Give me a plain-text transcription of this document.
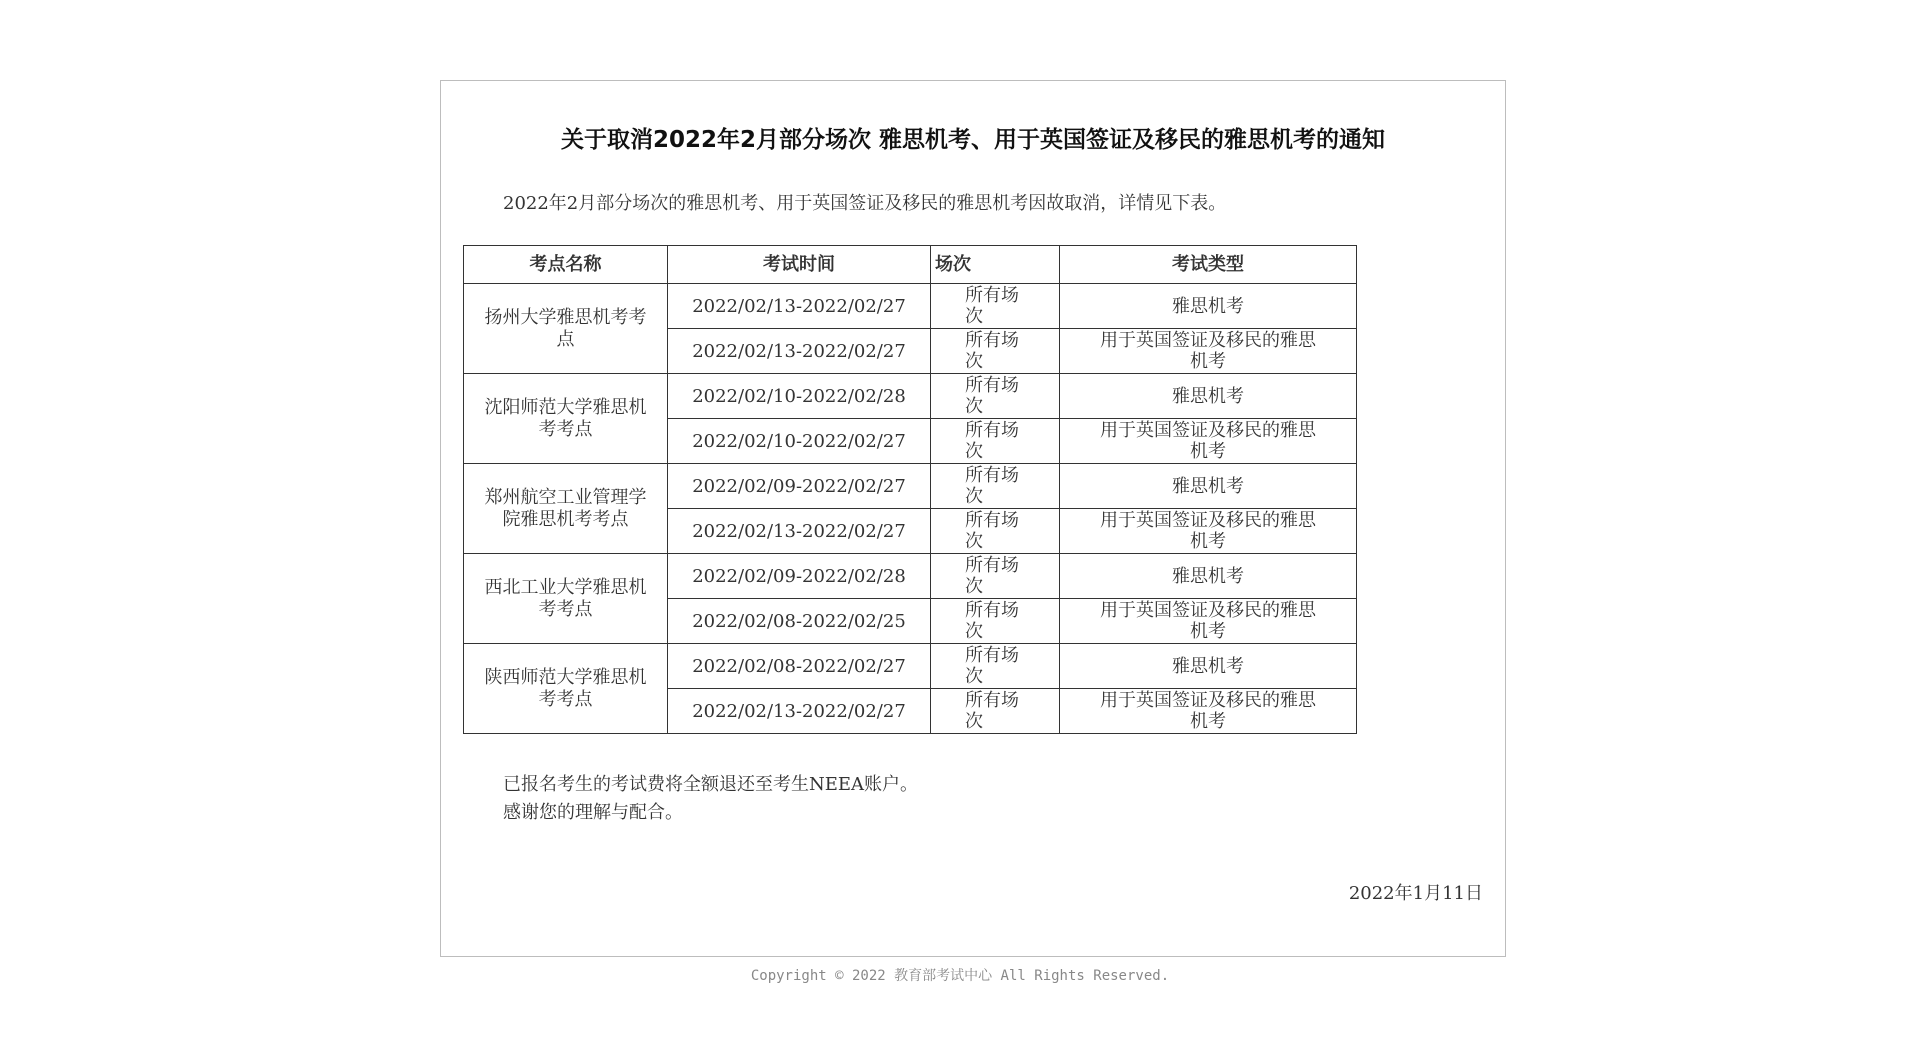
关于取消2022年2月部分场次 雅思机考、用于英国签证及移民的雅思机考的通知
2022年2月部分场次的雅思机考、用于英国签证及移民的雅思机考因故取消，详情见下表。
考点名称	考试时间	场次	考试类型
扬州大学雅思机考考点	2022/02/13-2022/02/27	所有场次	雅思机考
	2022/02/13-2022/02/27	所有场次	用于英国签证及移民的雅思机考
沈阳师范大学雅思机考考点	2022/02/10-2022/02/28	所有场次	雅思机考
	2022/02/10-2022/02/27	所有场次	用于英国签证及移民的雅思机考
郑州航空工业管理学院雅思机考考点	2022/02/09-2022/02/27	所有场次	雅思机考
	2022/02/13-2022/02/27	所有场次	用于英国签证及移民的雅思机考
西北工业大学雅思机考考点	2022/02/09-2022/02/28	所有场次	雅思机考
	2022/02/08-2022/02/25	所有场次	用于英国签证及移民的雅思机考
陕西师范大学雅思机考考点	2022/02/08-2022/02/27	所有场次	雅思机考
	2022/02/13-2022/02/27	所有场次	用于英国签证及移民的雅思机考
已报名考生的考试费将全额退还至考生NEEA账户。
感谢您的理解与配合。
2022年1月11日
Copyright © 2022 教育部考试中心 All Rights Reserved.
